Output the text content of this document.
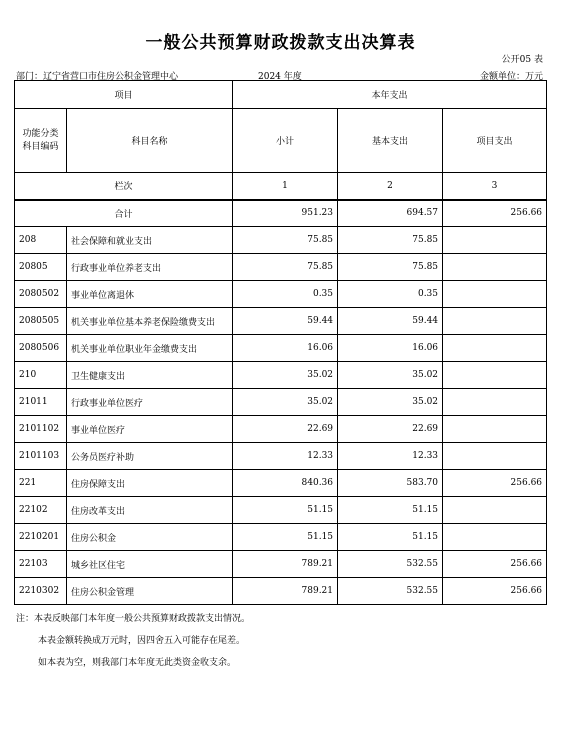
一般公共预算财政拨款支出决算表
公开05 表
部门：辽宁省营口市住房公积金管理中心	2024 年度	金额单位：万元
项目		本年支出		
功能分类科目编码	科目名称	小计	基本支出	项目支出
栏次		1	2	3
合计		951.23	694.57	256.66
208	社会保障和就业支出	75.85	75.85	
20805	行政事业单位养老支出	75.85	75.85	
2080502	事业单位离退休	0.35	0.35	
2080505	机关事业单位基本养老保险缴费支出	59.44	59.44	
2080506	机关事业单位职业年金缴费支出	16.06	16.06	
210	卫生健康支出	35.02	35.02	
21011	行政事业单位医疗	35.02	35.02	
2101102	事业单位医疗	22.69	22.69	
2101103	公务员医疗补助	12.33	12.33	
221	住房保障支出	840.36	583.70	256.66
22102	住房改革支出	51.15	51.15	
2210201	住房公积金	51.15	51.15	
22103	城乡社区住宅	789.21	532.55	256.66
2210302	住房公积金管理	789.21	532.55	256.66
注：本表反映部门本年度一般公共预算财政拨款支出情况。
本表金额转换成万元时，因四舍五入可能存在尾差。
如本表为空，则我部门本年度无此类资金收支余。
